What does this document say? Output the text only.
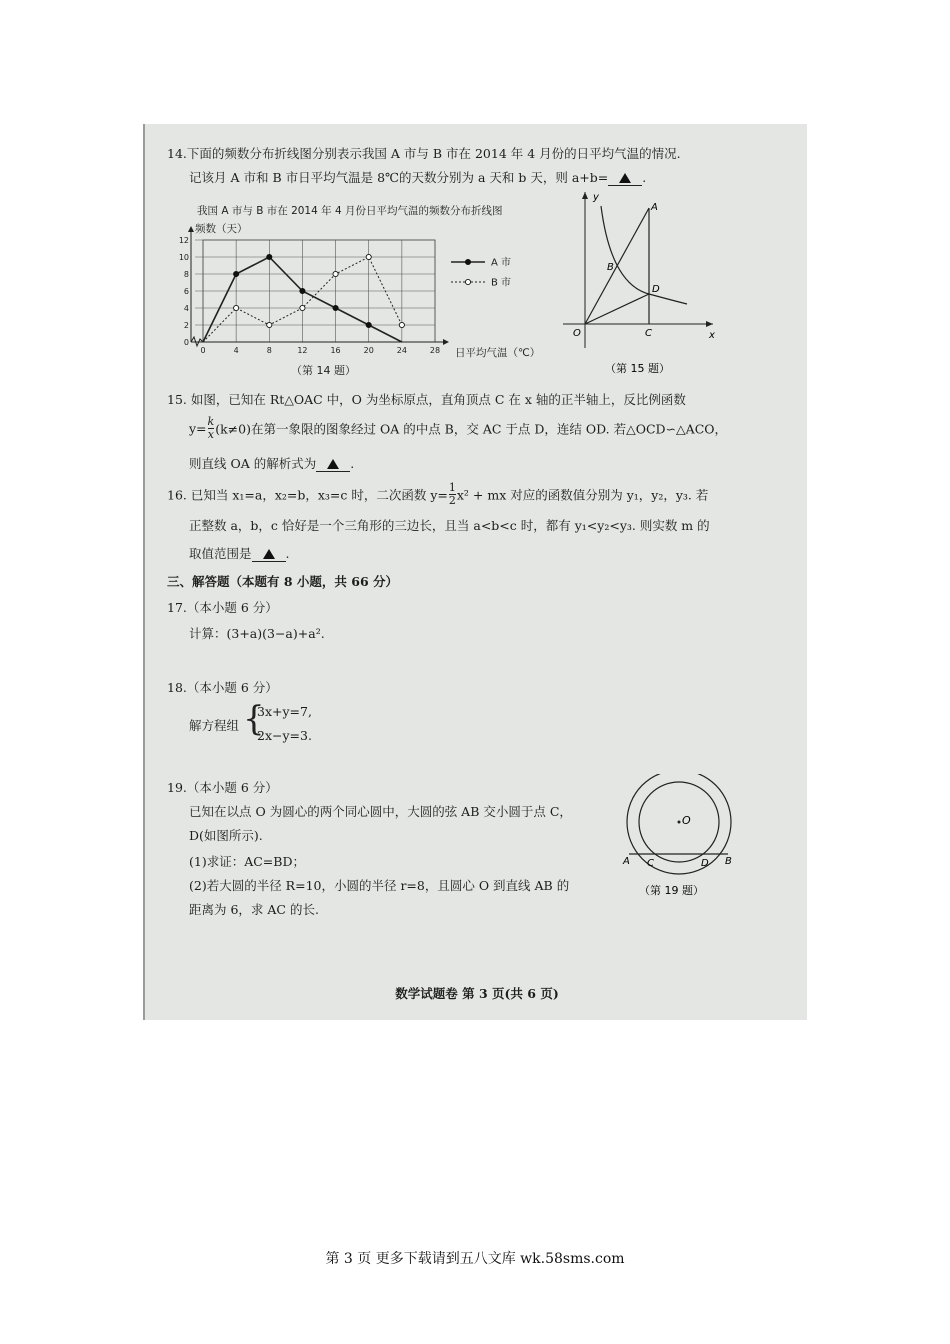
14.下面的频数分布折线图分别表示我国 A 市与 B 市在 2014 年 4 月份的日平均气温的情况.
记该月 A 市和 B 市日平均气温是 8℃的天数分别为 a 天和 b 天，则 a+b=	.
我国 A 市与 B 市在 2014 年 4 月份日平均气温的频数分布折线图
频数（天）
日平均气温（℃）
（第 14 题）
0
2
4
6
8
10
12
0	4	8	12	16	20	24	28
A 市
B 市
y
x
A
B
D
O	C
（第 15 题）
15. 如图，已知在 Rt△OAC 中，O 为坐标原点，直角顶点 C 在 x 轴的正半轴上，反比例函数
$y= \frac{k}{x} (k\ne 0)$在第一象限的图象经过 OA 的中点 B，交 AC 于点 D，连结 OD. 若△OCD∽△ACO，
则直线 OA 的解析式为	.
16. 已知当 x₁=a，x₂=b，x₃=c 时，二次函数 $y= \frac{1}{2} x^2$ + mx 对应的函数值分别为 y₁，y₂，y₃. 若
正整数 a，b，c 恰好是一个三角形的三边长，且当 a<b<c 时，都有 y₁<y₂<y₃. 则实数 m 的
取值范围是	.
三、解答题（本题有 8 小题，共 66 分）
17.（本小题 6 分）
计算：(3+a)(3−a)+a².
18.（本小题 6 分）
解方程组 {
3x+y=7,
2x−y=3.
19.（本小题 6 分）
已知在以点 O 为圆心的两个同心圆中，大圆的弦 AB 交小圆于点 C，
D(如图所示).
(1)求证：AC=BD；
(2)若大圆的半径 R=10，小圆的半径 r=8，且圆心 O 到直线 AB 的
距离为 6，求 AC 的长.
O
A C	D B
（第 19 题）
数学试题卷 第 3 页(共 6 页)
第 3 页 更多下载请到五八文库 wk.58sms.com
